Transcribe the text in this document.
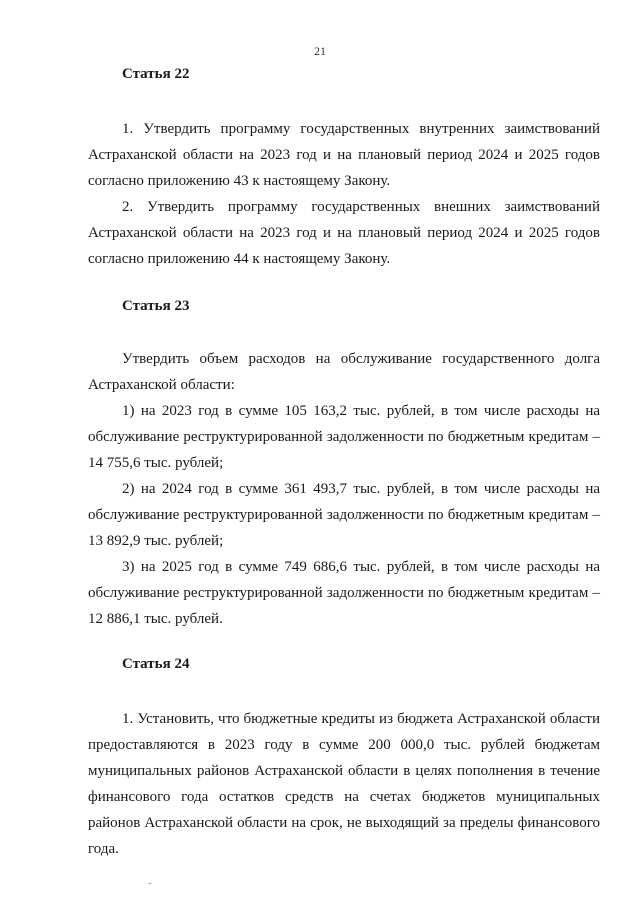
21
Статья 22

1. Утвердить программу государственных внутренних заимствований Астраханской области на 2023 год и на плановый период 2024 и 2025 годов согласно приложению 43 к настоящему Закону.

2. Утвердить программу государственных внешних заимствований Астраханской области на 2023 год и на плановый период 2024 и 2025 годов согласно приложению 44 к настоящему Закону.

Статья 23

Утвердить объем расходов на обслуживание государственного долга Астраханской области:

1) на 2023 год в сумме 105 163,2 тыс. рублей, в том числе расходы на обслуживание реструктурированной задолженности по бюджетным кредитам – 14 755,6 тыс. рублей;

2) на 2024 год в сумме 361 493,7 тыс. рублей, в том числе расходы на обслуживание реструктурированной задолженности по бюджетным кредитам – 13 892,9 тыс. рублей;

3) на 2025 год в сумме 749 686,6 тыс. рублей, в том числе расходы на обслуживание реструктурированной задолженности по бюджетным кредитам – 12 886,1 тыс. рублей.

Статья 24

1. Установить, что бюджетные кредиты из бюджета Астраханской области предоставляются в 2023 году в сумме 200 000,0 тыс. рублей бюджетам муниципальных районов Астраханской области в целях пополнения в течение финансового года остатков средств на счетах бюджетов муниципальных районов Астраханской области на срок, не выходящий за пределы финансового года.
